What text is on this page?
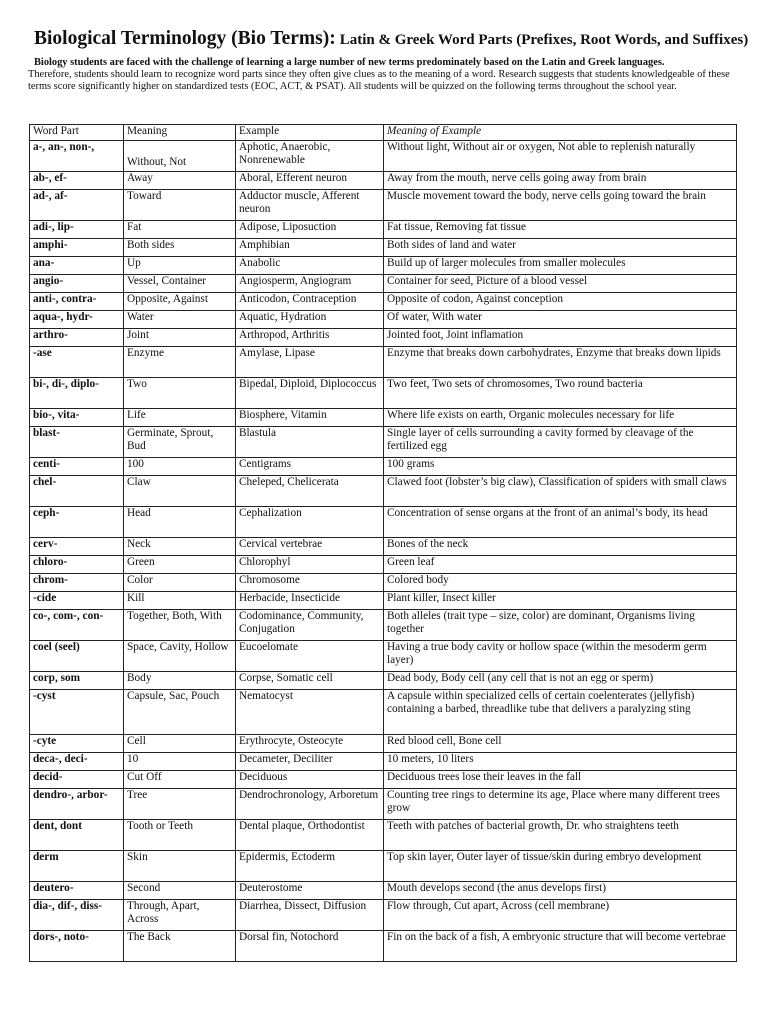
Biological Terminology (Bio Terms): Latin & Greek Word Parts (Prefixes, Root Words, and Suffixes)
Biology students are faced with the challenge of learning a large number of new terms predominately based on the Latin and Greek languages.
Therefore, students should learn to recognize word parts since they often give clues as to the meaning of a word. Research suggests that students knowledgeable of these terms score significantly higher on standardized tests (EOC, ACT, & PSAT). All students will be quizzed on the following terms throughout the school year.
Word Part	Meaning	Example	Meaning of Example
a-, an-, non-,	Without, Not	Aphotic, Anaerobic, Nonrenewable	Without light, Without air or oxygen, Not able to replenish naturally
ab-, ef-	Away	Aboral, Efferent neuron	Away from the mouth, nerve cells going away from brain
ad-, af-	Toward	Adductor muscle, Afferent neuron	Muscle movement toward the body, nerve cells going toward the brain
adi-, lip-	Fat	Adipose, Liposuction	Fat tissue, Removing fat tissue
amphi-	Both sides	Amphibian	Both sides of land and water
ana-	Up	Anabolic	Build up of larger molecules from smaller molecules
angio-	Vessel, Container	Angiosperm, Angiogram	Container for seed, Picture of a blood vessel
anti-, contra-	Opposite, Against	Anticodon, Contraception	Opposite of codon, Against conception
aqua-, hydr-	Water	Aquatic, Hydration	Of water, With water
arthro-	Joint	Arthropod, Arthritis	Jointed foot, Joint inflamation
-ase	Enzyme	Amylase, Lipase	Enzyme that breaks down carbohydrates, Enzyme that breaks down lipids
bi-, di-, diplo-	Two	Bipedal, Diploid, Diplococcus	Two feet, Two sets of chromosomes, Two round bacteria
bio-, vita-	Life	Biosphere, Vitamin	Where life exists on earth, Organic molecules necessary for life
blast-	Germinate, Sprout, Bud	Blastula	Single layer of cells surrounding a cavity formed by cleavage of the fertilized egg
centi-	100	Centigrams	100 grams
chel-	Claw	Cheleped, Chelicerata	Clawed foot (lobster’s big claw), Classification of spiders with small claws
ceph-	Head	Cephalization	Concentration of sense organs at the front of an animal’s body, its head
cerv-	Neck	Cervical vertebrae	Bones of the neck
chloro-	Green	Chlorophyl	Green leaf
chrom-	Color	Chromosome	Colored body
-cide	Kill	Herbacide, Insecticide	Plant killer, Insect killer
co-, com-, con-	Together, Both, With	Codominance, Community, Conjugation	Both alleles (trait type – size, color) are dominant, Organisms living together
coel (seel)	Space, Cavity, Hollow	Eucoelomate	Having a true body cavity or hollow space (within the mesoderm germ layer)
corp, som	Body	Corpse, Somatic cell	Dead body, Body cell (any cell that is not an egg or sperm)
-cyst	Capsule, Sac, Pouch	Nematocyst	A capsule within specialized cells of certain coelenterates (jellyfish) containing a barbed, threadlike tube that delivers a paralyzing sting
-cyte	Cell	Erythrocyte, Osteocyte	Red blood cell, Bone cell
deca-, deci-	10	Decameter, Deciliter	10 meters, 10 liters
decid-	Cut Off	Deciduous	Deciduous trees lose their leaves in the fall
dendro-, arbor-	Tree	Dendrochronology, Arboretum	Counting tree rings to determine its age, Place where many different trees grow
dent, dont	Tooth or Teeth	Dental plaque, Orthodontist	Teeth with patches of bacterial growth, Dr. who straightens teeth
derm	Skin	Epidermis, Ectoderm	Top skin layer, Outer layer of tissue/skin during embryo development
deutero-	Second	Deuterostome	Mouth develops second (the anus develops first)
dia-, dif-, diss-	Through, Apart, Across	Diarrhea, Dissect, Diffusion	Flow through, Cut apart, Across (cell membrane)
dors-, noto-	The Back	Dorsal fin, Notochord	Fin on the back of a fish, A embryonic structure that will become vertebrae
